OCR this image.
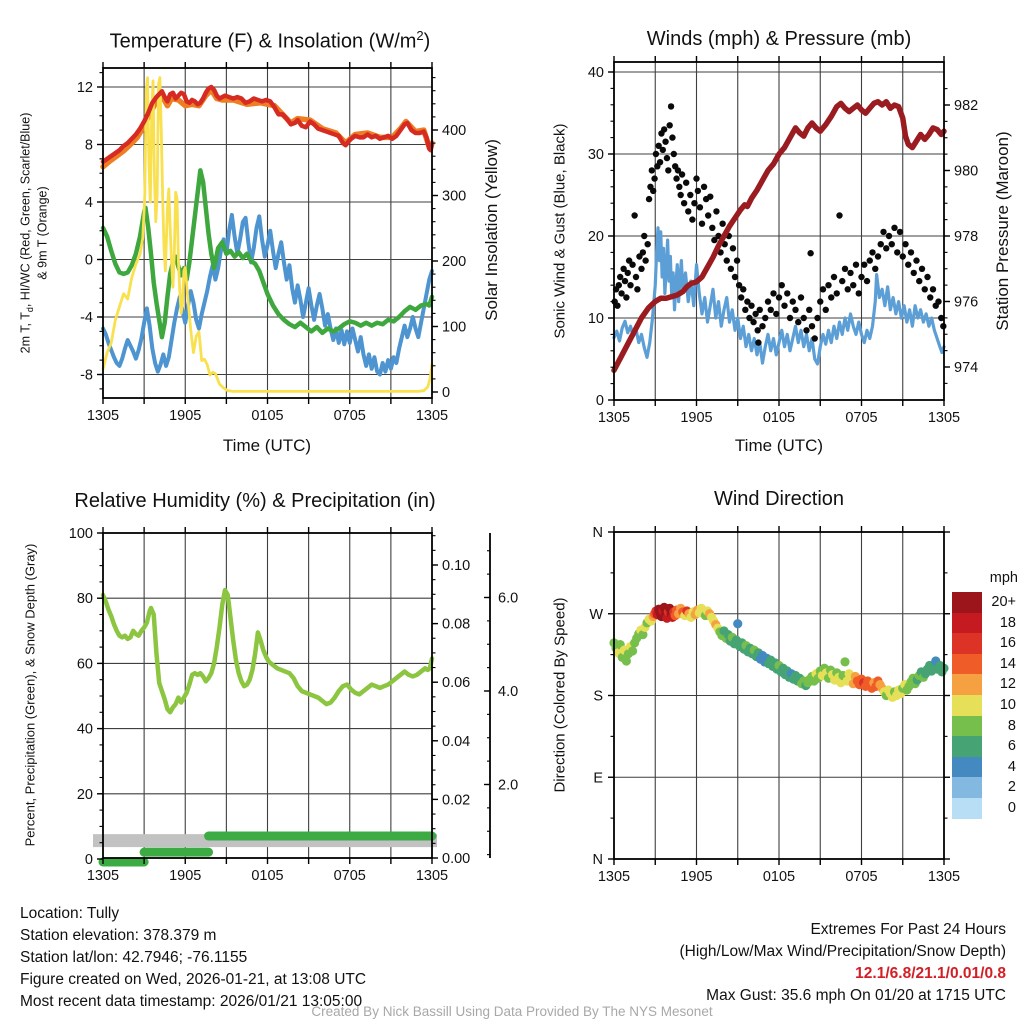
1305	1905	0105	0705	1305
12
8
4
0
-4
-8
400
300
200
100
0
1305	1905	0105	0705	1305
40
30
20
10
0
982
980
978
976
974
1305	1905	0105	0705	1305
100
80
60
40
20
0
0.10
0.08
0.06
0.04
0.02
0.00
6.0
4.0
2.0
1305	1905	0105	0705	1305
N
W
S
E
N
Temperature (F) & Insolation $(W/m^2)$	Winds (mph) & Pressure (mb)
Relative Humidity (%) & Precipitation (in)	Wind Direction
2m T, $T_d$, HI/WC (Red, Green, Scarlet/Blue) & 9m T (Orange)	Solar Insolation (Yellow)	Sonic Wind & Gust (Blue, Black)	Station Pressure (Maroon)
Percent, Precipitation (Green), & Snow Depth (Gray)	Direction (Colored By Speed)
Time (UTC)	Time (UTC)
mph
20+
18
16
14
12
10
8
6
4
2
0
Location: Tully
Station elevation: 378.379 m
Station lat/lon: 42.7946; -76.1155
Figure created on Wed, 2026-01-21, at 13:08 UTC
Most recent data timestamp: 2026/01/21 13:05:00
Extremes For Past 24 Hours
(High/Low/Max Wind/Precipitation/Snow Depth)
12.1/6.8/21.1/0.01/0.8
Max Gust: 35.6 mph On 01/20 at 1715 UTC
Created By Nick Bassill Using Data Provided By The NYS Mesonet
